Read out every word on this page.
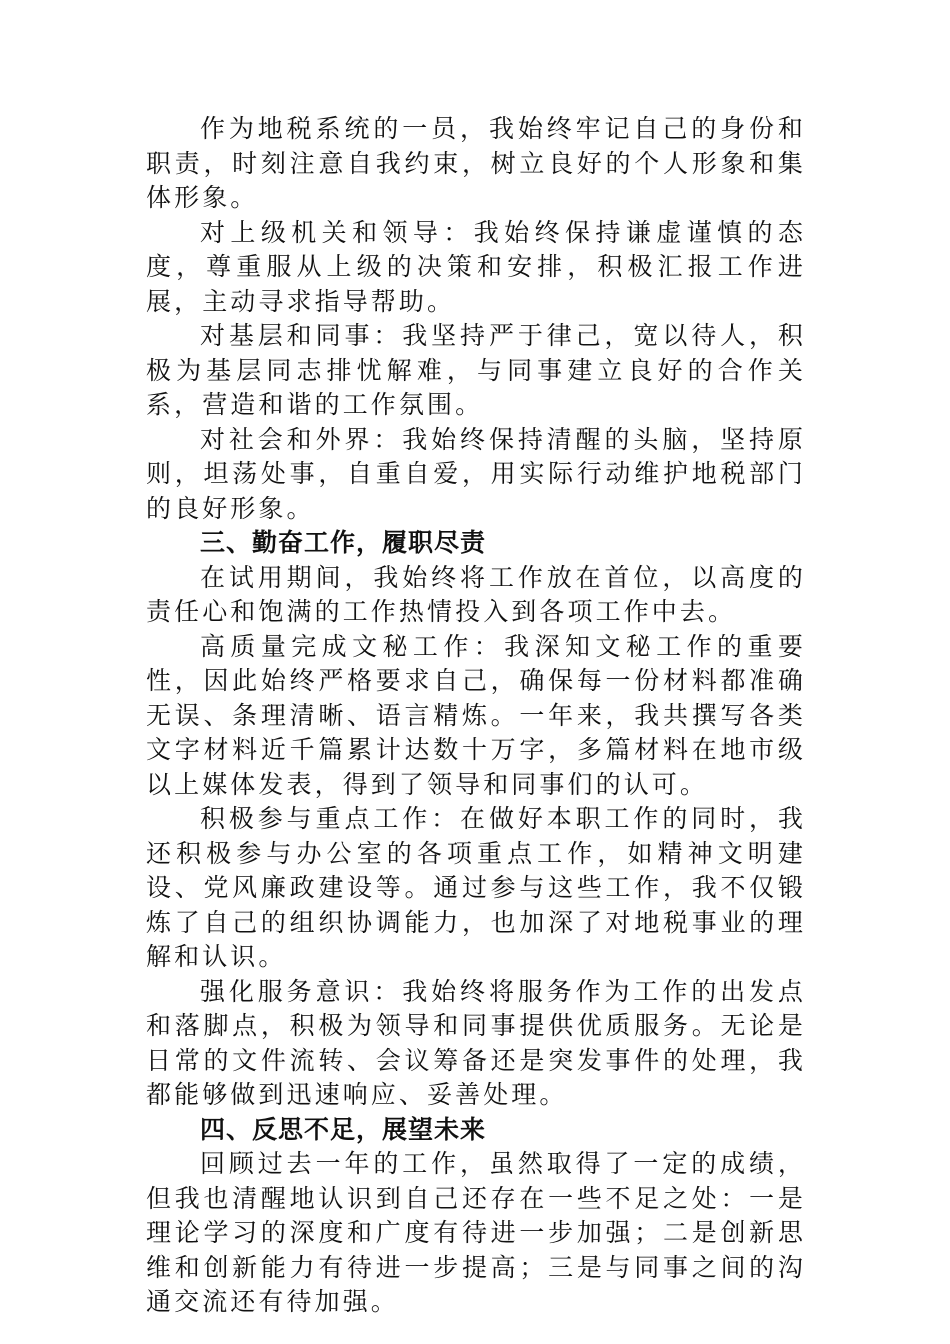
作为地税系统的一员，我始终牢记自己的身份和职责，时刻注意自我约束，树立良好的个人形象和集体形象。

对上级机关和领导：我始终保持谦虚谨慎的态度，尊重服从上级的决策和安排，积极汇报工作进展，主动寻求指导帮助。

对基层和同事：我坚持严于律己，宽以待人，积极为基层同志排忧解难，与同事建立良好的合作关系，营造和谐的工作氛围。

对社会和外界：我始终保持清醒的头脑，坚持原则，坦荡处事，自重自爱，用实际行动维护地税部门的良好形象。

三、勤奋工作，履职尽责

在试用期间，我始终将工作放在首位，以高度的责任心和饱满的工作热情投入到各项工作中去。

高质量完成文秘工作：我深知文秘工作的重要性，因此始终严格要求自己，确保每一份材料都准确无误、条理清晰、语言精炼。一年来，我共撰写各类文字材料近千篇累计达数十万字，多篇材料在地市级以上媒体发表，得到了领导和同事们的认可。

积极参与重点工作：在做好本职工作的同时，我还积极参与办公室的各项重点工作，如精神文明建设、党风廉政建设等。通过参与这些工作，我不仅锻炼了自己的组织协调能力，也加深了对地税事业的理解和认识。

强化服务意识：我始终将服务作为工作的出发点和落脚点，积极为领导和同事提供优质服务。无论是日常的文件流转、会议筹备还是突发事件的处理，我都能够做到迅速响应、妥善处理。

四、反思不足，展望未来

回顾过去一年的工作，虽然取得了一定的成绩，但我也清醒地认识到自己还存在一些不足之处：一是理论学习的深度和广度有待进一步加强；二是创新思维和创新能力有待进一步提高；三是与同事之间的沟通交流还有待加强。
